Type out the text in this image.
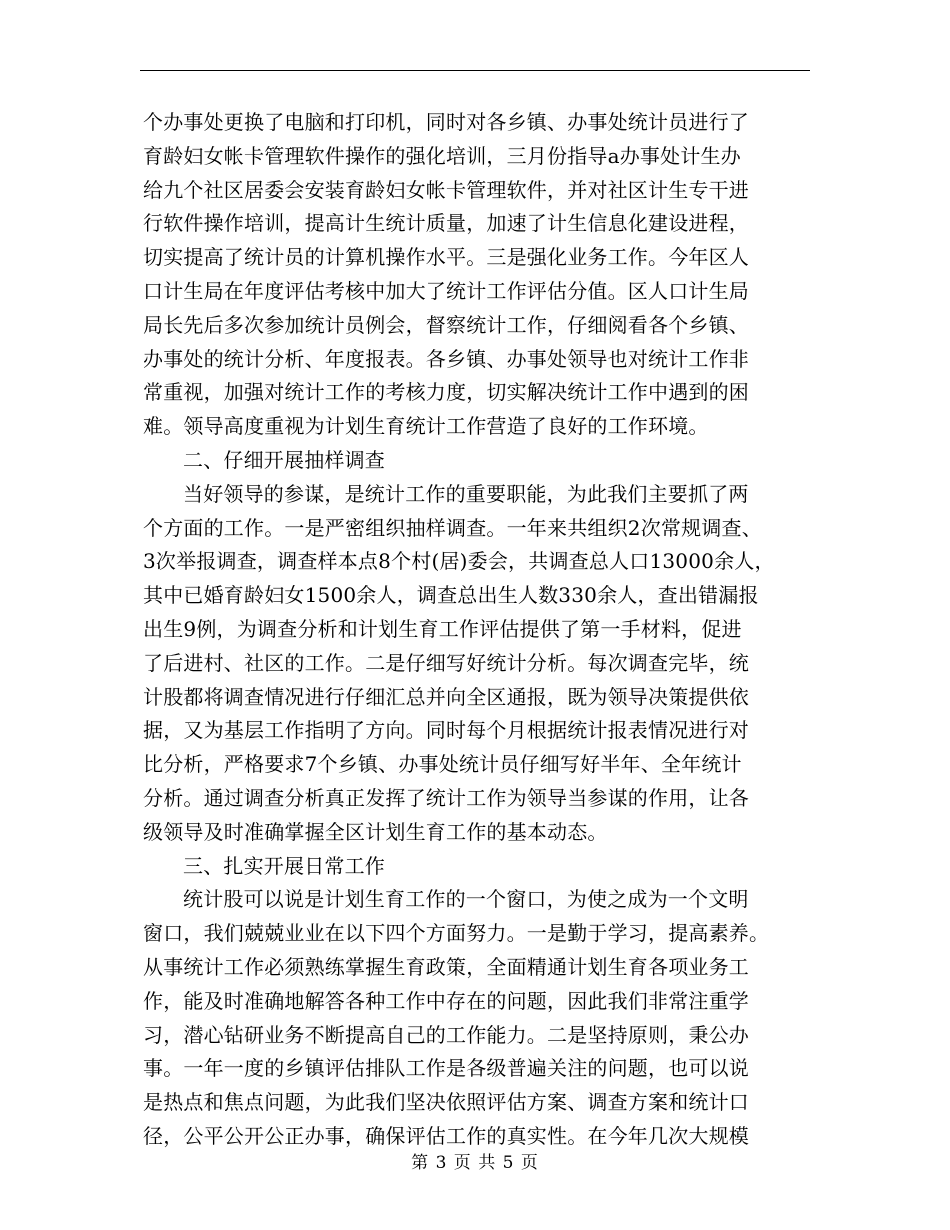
个办事处更换了电脑和打印机，同时对各乡镇、办事处统计员进行了
育龄妇女帐卡管理软件操作的强化培训，三月份指导a办事处计生办
给九个社区居委会安装育龄妇女帐卡管理软件，并对社区计生专干进
行软件操作培训，提高计生统计质量，加速了计生信息化建设进程，
切实提高了统计员的计算机操作水平。三是强化业务工作。今年区人
口计生局在年度评估考核中加大了统计工作评估分值。区人口计生局
局长先后多次参加统计员例会，督察统计工作，仔细阅看各个乡镇、
办事处的统计分析、年度报表。各乡镇、办事处领导也对统计工作非
常重视，加强对统计工作的考核力度，切实解决统计工作中遇到的困
难。领导高度重视为计划生育统计工作营造了良好的工作环境。
二、仔细开展抽样调查
当好领导的参谋，是统计工作的重要职能，为此我们主要抓了两
个方面的工作。一是严密组织抽样调查。一年来共组织2次常规调查、
3次举报调查，调查样本点8个村(居)委会，共调查总人口13000余人，
其中已婚育龄妇女1500余人，调查总出生人数330余人，查出错漏报
出生9例，为调查分析和计划生育工作评估提供了第一手材料，促进
了后进村、社区的工作。二是仔细写好统计分析。每次调查完毕，统
计股都将调查情况进行仔细汇总并向全区通报，既为领导决策提供依
据，又为基层工作指明了方向。同时每个月根据统计报表情况进行对
比分析，严格要求7个乡镇、办事处统计员仔细写好半年、全年统计
分析。通过调查分析真正发挥了统计工作为领导当参谋的作用，让各
级领导及时准确掌握全区计划生育工作的基本动态。
三、扎实开展日常工作
统计股可以说是计划生育工作的一个窗口，为使之成为一个文明
窗口，我们兢兢业业在以下四个方面努力。一是勤于学习，提高素养。
从事统计工作必须熟练掌握生育政策，全面精通计划生育各项业务工
作，能及时准确地解答各种工作中存在的问题，因此我们非常注重学
习，潜心钻研业务不断提高自己的工作能力。二是坚持原则，秉公办
事。一年一度的乡镇评估排队工作是各级普遍关注的问题，也可以说
是热点和焦点问题，为此我们坚决依照评估方案、调查方案和统计口
径，公平公开公正办事，确保评估工作的真实性。在今年几次大规模
第 3 页 共 5 页
